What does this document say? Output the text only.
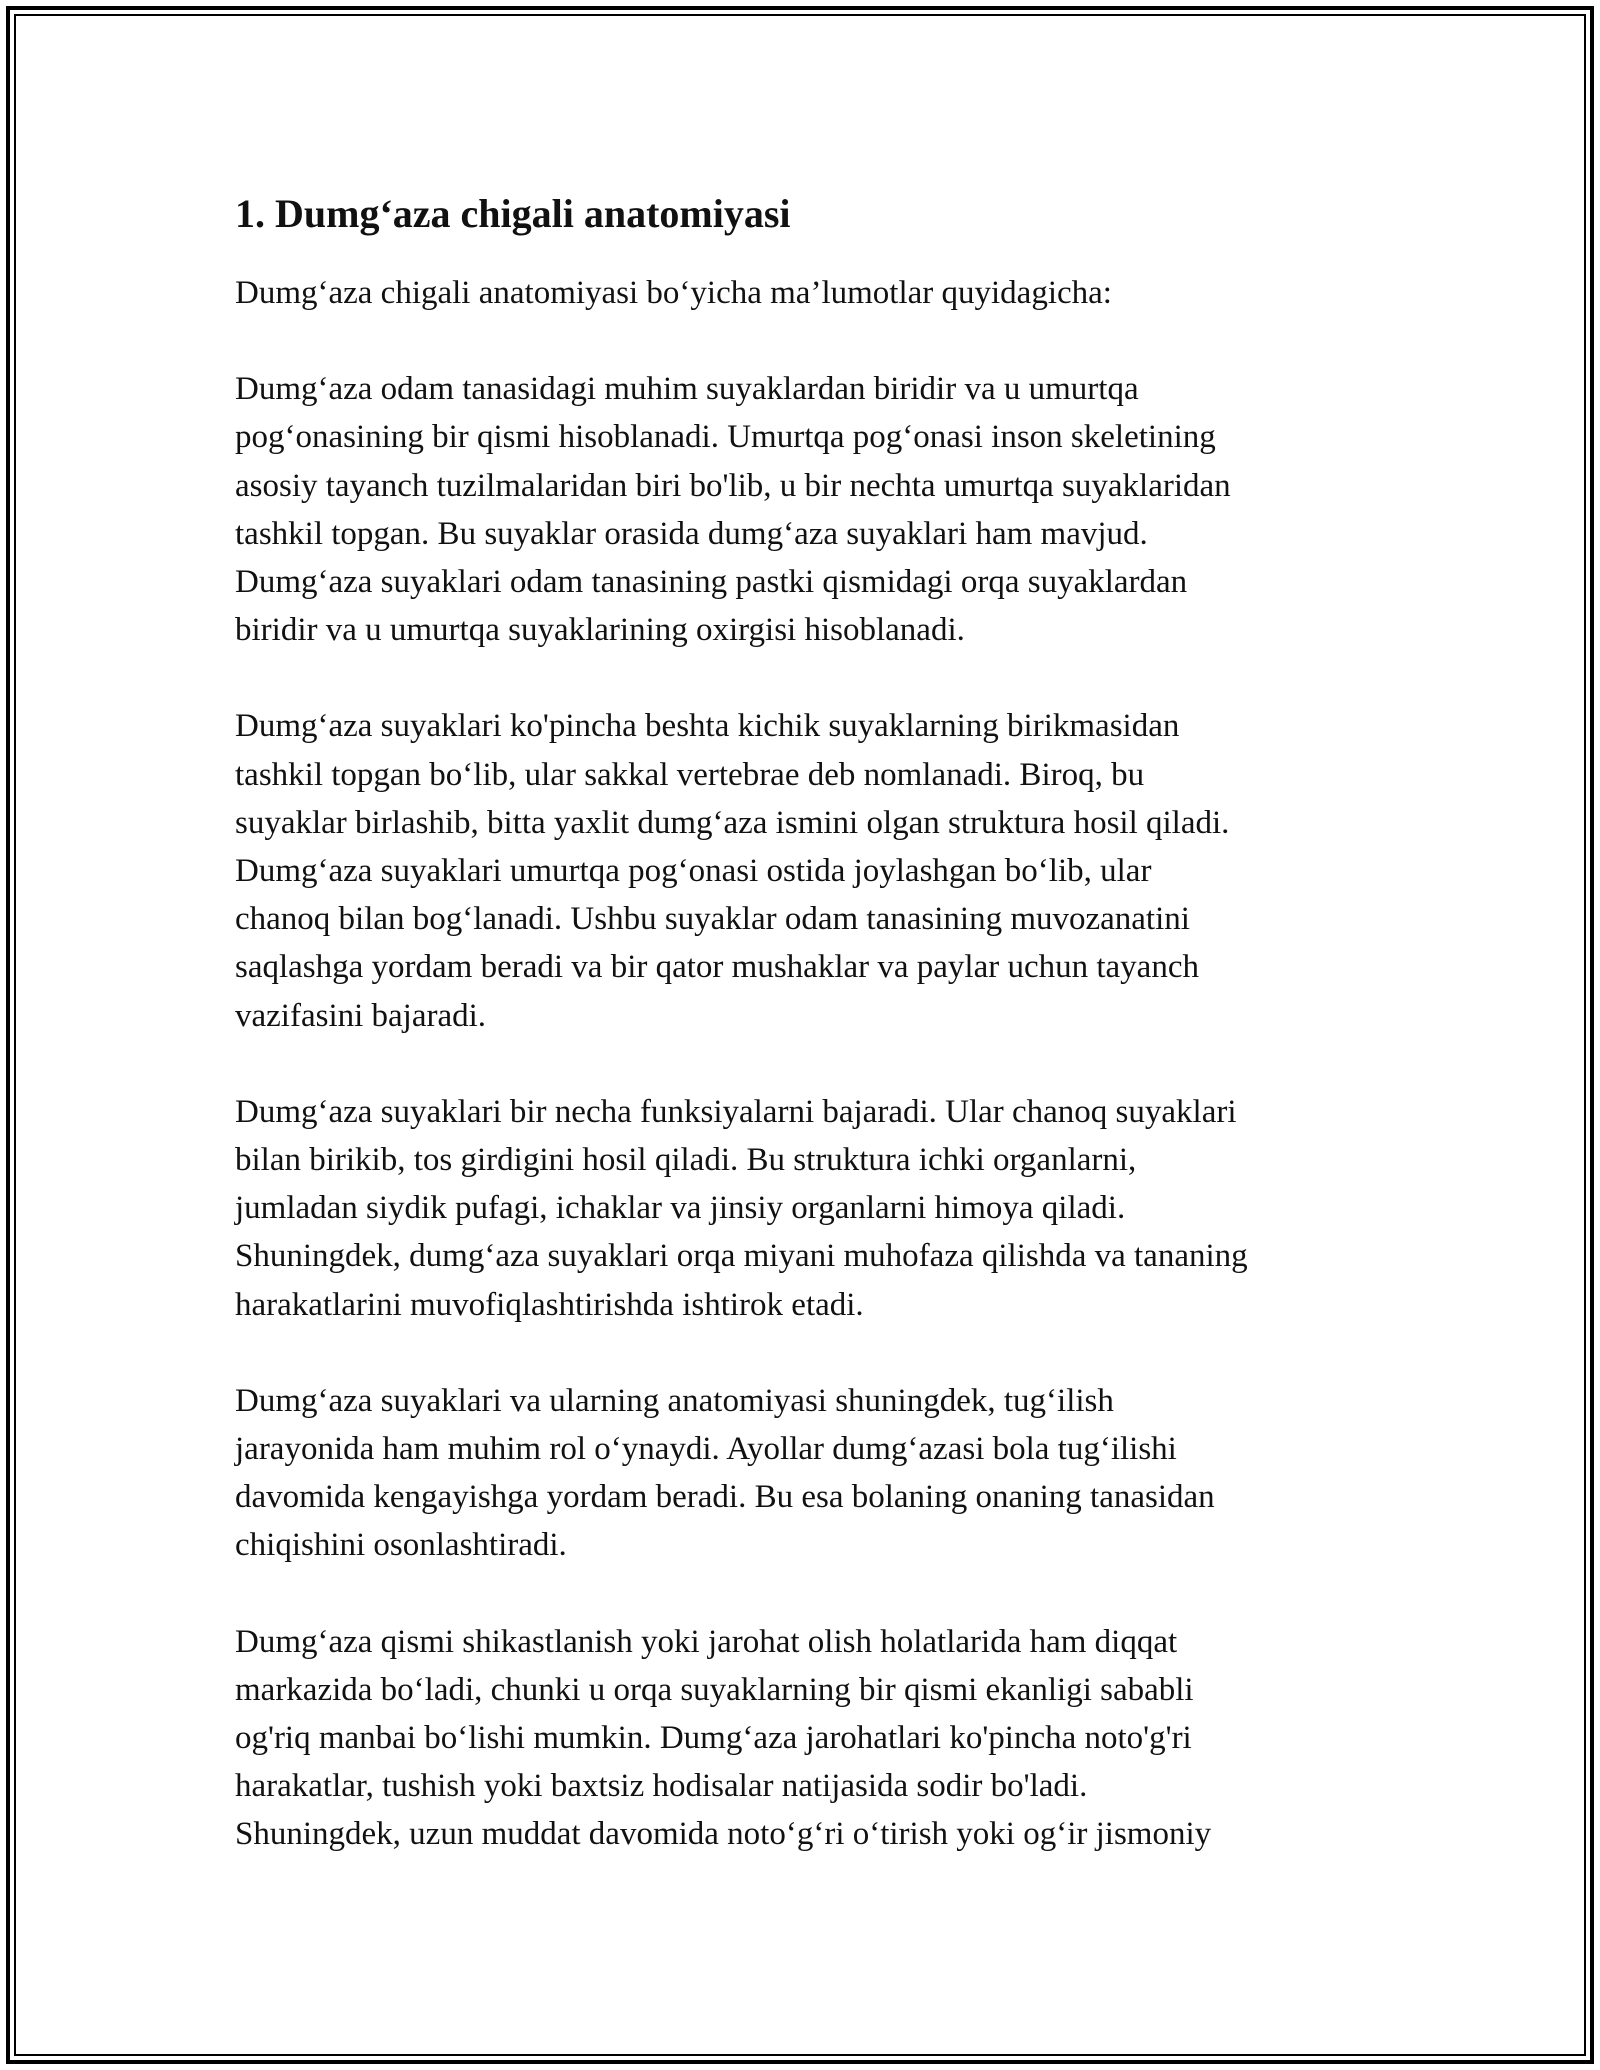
1. Dumg‘aza chigali anatomiyasi

Dumg‘aza chigali anatomiyasi bo‘yicha ma’lumotlar quyidagicha:

Dumg‘aza odam tanasidagi muhim suyaklardan biridir va u umurtqa
pog‘onasining bir qismi hisoblanadi. Umurtqa pog‘onasi inson skeletining
asosiy tayanch tuzilmalaridan biri bo'lib, u bir nechta umurtqa suyaklaridan
tashkil topgan. Bu suyaklar orasida dumg‘aza suyaklari ham mavjud.
Dumg‘aza suyaklari odam tanasining pastki qismidagi orqa suyaklardan
biridir va u umurtqa suyaklarining oxirgisi hisoblanadi.

Dumg‘aza suyaklari ko'pincha beshta kichik suyaklarning birikmasidan
tashkil topgan bo‘lib, ular sakkal vertebrae deb nomlanadi. Biroq, bu
suyaklar birlashib, bitta yaxlit dumg‘aza ismini olgan struktura hosil qiladi.
Dumg‘aza suyaklari umurtqa pog‘onasi ostida joylashgan bo‘lib, ular
chanoq bilan bog‘lanadi. Ushbu suyaklar odam tanasining muvozanatini
saqlashga yordam beradi va bir qator mushaklar va paylar uchun tayanch
vazifasini bajaradi.

Dumg‘aza suyaklari bir necha funksiyalarni bajaradi. Ular chanoq suyaklari
bilan birikib, tos girdigini hosil qiladi. Bu struktura ichki organlarni,
jumladan siydik pufagi, ichaklar va jinsiy organlarni himoya qiladi.
Shuningdek, dumg‘aza suyaklari orqa miyani muhofaza qilishda va tananing
harakatlarini muvofiqlashtirishda ishtirok etadi.

Dumg‘aza suyaklari va ularning anatomiyasi shuningdek, tug‘ilish
jarayonida ham muhim rol o‘ynaydi. Ayollar dumg‘azasi bola tug‘ilishi
davomida kengayishga yordam beradi. Bu esa bolaning onaning tanasidan
chiqishini osonlashtiradi.

Dumg‘aza qismi shikastlanish yoki jarohat olish holatlarida ham diqqat
markazida bo‘ladi, chunki u orqa suyaklarning bir qismi ekanligi sababli
og'riq manbai bo‘lishi mumkin. Dumg‘aza jarohatlari ko'pincha noto'g'ri
harakatlar, tushish yoki baxtsiz hodisalar natijasida sodir bo'ladi.
Shuningdek, uzun muddat davomida noto‘g‘ri o‘tirish yoki og‘ir jismoniy
